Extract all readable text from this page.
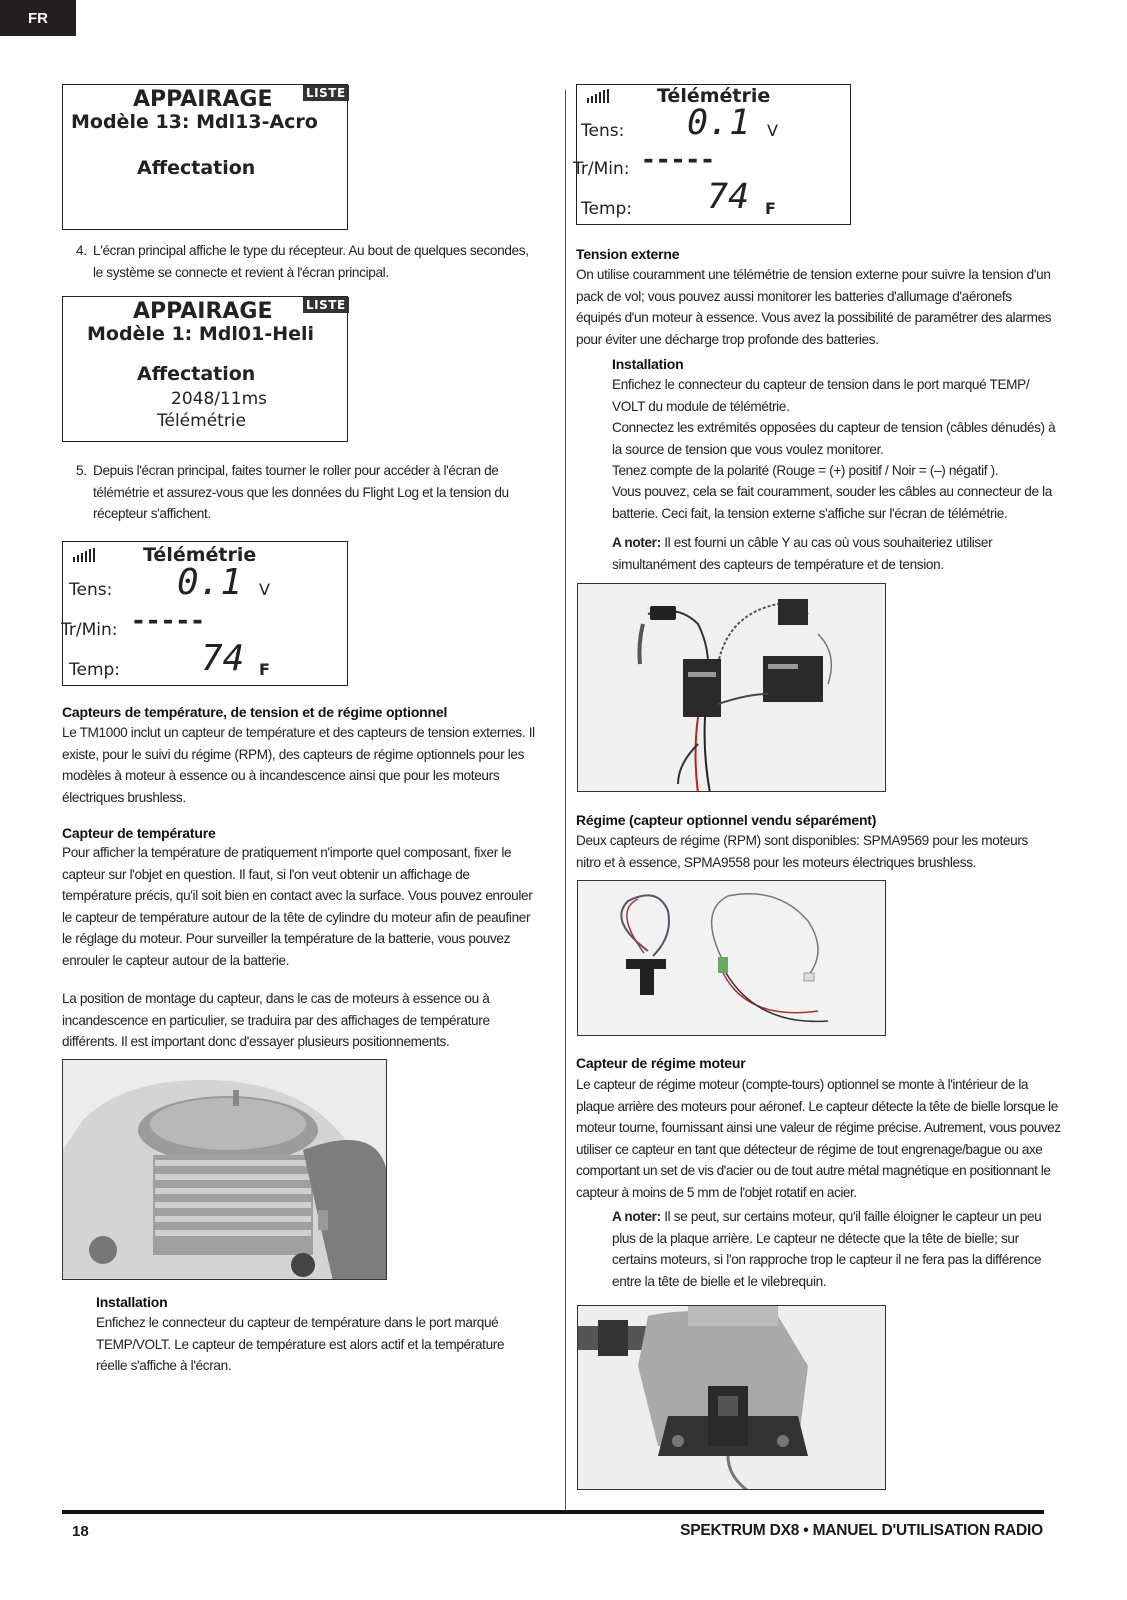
FR
APPAIRAGE	LISTE
Modèle 13: Mdl13-Acro
Affectation
4. L'écran principal affiche le type du récepteur. Au bout de quelques secondes, le système se connecte et revient à l'écran principal.
APPAIRAGE	LISTE
Modèle 1: Mdl01-Heli
Affectation
2048/11ms
Télémétrie
5. Depuis l'écran principal, faites tourner le roller pour accéder à l'écran de télémétrie et assurez-vous que les données du Flight Log et la tension du récepteur s'affichent.
Télémétrie
Tens: 0.1 V
Tr/Min: -----
Temp: 74 F
Capteurs de température, de tension et de régime optionnel
Le TM1000 inclut un capteur de température et des capteurs de tension externes. Il existe, pour le suivi du régime (RPM), des capteurs de régime optionnels pour les modèles à moteur à essence ou à incandescence ainsi que pour les moteurs électriques brushless.
Capteur de température
Pour afficher la température de pratiquement n'importe quel composant, fixer le capteur sur l'objet en question. Il faut, si l'on veut obtenir un affichage de température précis, qu'il soit bien en contact avec la surface. Vous pouvez enrouler le capteur de température autour de la tête de cylindre du moteur afin de peaufiner le réglage du moteur. Pour surveiller la température de la batterie, vous pouvez enrouler le capteur autour de la batterie.
La position de montage du capteur, dans le cas de moteurs à essence ou à incandescence en particulier, se traduira par des affichages de température différents. Il est important donc d'essayer plusieurs positionnements.
Installation
Enfichez le connecteur du capteur de température dans le port marqué TEMP/VOLT. Le capteur de température est alors actif et la température réelle s'affiche à l'écran.
Télémétrie
Tens: 0.1 V
Tr/Min: -----
Temp: 74 F
Tension externe
On utilise couramment une télémétrie de tension externe pour suivre la tension d'un pack de vol; vous pouvez aussi monitorer les batteries d'allumage d'aéronefs équipés d'un moteur à essence. Vous avez la possibilité de paramétrer des alarmes pour éviter une décharge trop profonde des batteries.
Installation
Enfichez le connecteur du capteur de tension dans le port marqué TEMP/ VOLT du module de télémétrie.
Connectez les extrémités opposées du capteur de tension (câbles dénudés) à la source de tension que vous voulez monitorer.
Tenez compte de la polarité (Rouge = (+) positif / Noir = (–) négatif ).
Vous pouvez, cela se fait couramment, souder les câbles au connecteur de la batterie. Ceci fait, la tension externe s'affiche sur l'écran de télémétrie.
A noter: Il est fourni un câble Y au cas où vous souhaiteriez utiliser simultanément des capteurs de température et de tension.
Régime (capteur optionnel vendu séparément)
Deux capteurs de régime (RPM) sont disponibles: SPMA9569 pour les moteurs nitro et à essence, SPMA9558 pour les moteurs électriques brushless.
Capteur de régime moteur
Le capteur de régime moteur (compte-tours) optionnel se monte à l'intérieur de la plaque arrière des moteurs pour aéronef. Le capteur détecte la tête de bielle lorsque le moteur tourne, fournissant ainsi une valeur de régime précise. Autrement, vous pouvez utiliser ce capteur en tant que détecteur de régime de tout engrenage/bague ou axe comportant un set de vis d'acier ou de tout autre métal magnétique en positionnant le capteur à moins de 5 mm de l'objet rotatif en acier.
A noter: Il se peut, sur certains moteur, qu'il faille éloigner le capteur un peu plus de la plaque arrière. Le capteur ne détecte que la tête de bielle; sur certains moteurs, si l'on rapproche trop le capteur il ne fera pas la différence entre la tête de bielle et le vilebrequin.
18	SPEKTRUM DX8 • MANUEL D'UTILISATION RADIO
